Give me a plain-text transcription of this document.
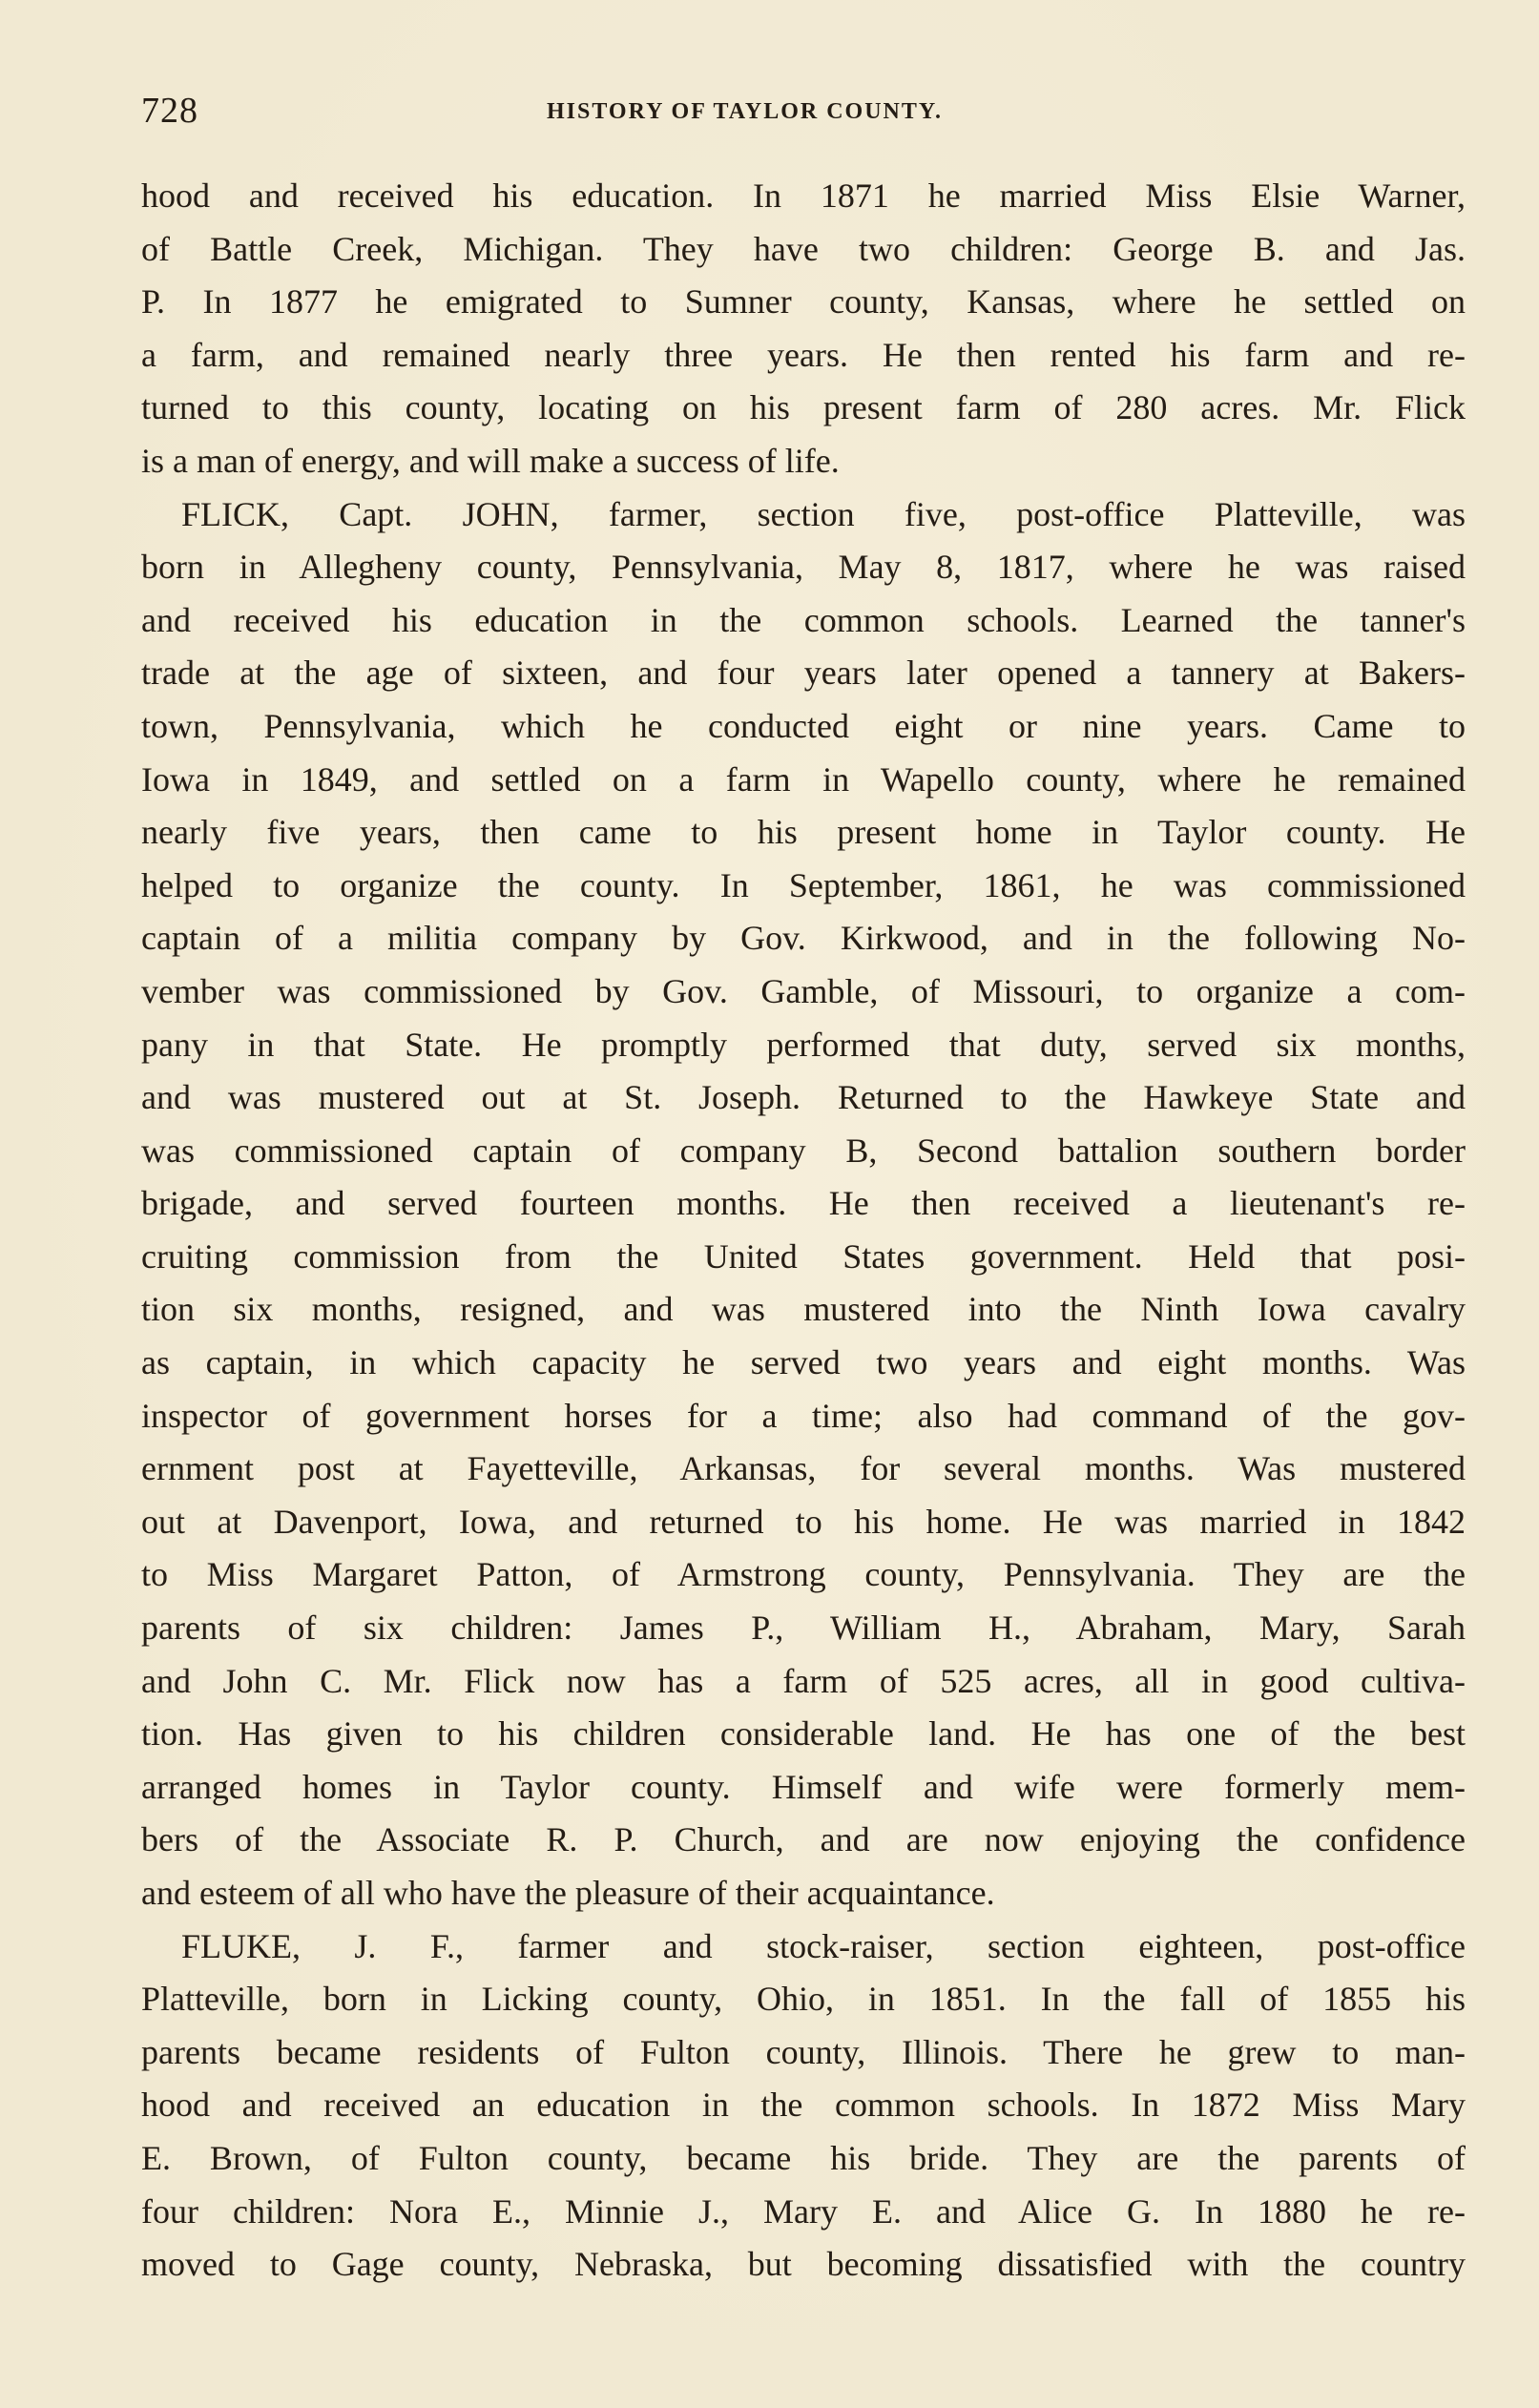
728	HISTORY OF TAYLOR COUNTY.
hood and received his education. In 1871 he married Miss Elsie Warner,
of Battle Creek, Michigan. They have two children: George B. and Jas.
P. In 1877 he emigrated to Sumner county, Kansas, where he settled on
a farm, and remained nearly three years. He then rented his farm and re-
turned to this county, locating on his present farm of 280 acres. Mr. Flick
is a man of energy, and will make a success of life.
FLICK, Capt. JOHN, farmer, section five, post-office Platteville, was
born in Allegheny county, Pennsylvania, May 8, 1817, where he was raised
and received his education in the common schools. Learned the tanner's
trade at the age of sixteen, and four years later opened a tannery at Bakers-
town, Pennsylvania, which he conducted eight or nine years. Came to
Iowa in 1849, and settled on a farm in Wapello county, where he remained
nearly five years, then came to his present home in Taylor county. He
helped to organize the county. In September, 1861, he was commissioned
captain of a militia company by Gov. Kirkwood, and in the following No-
vember was commissioned by Gov. Gamble, of Missouri, to organize a com-
pany in that State. He promptly performed that duty, served six months,
and was mustered out at St. Joseph. Returned to the Hawkeye State and
was commissioned captain of company B, Second battalion southern border
brigade, and served fourteen months. He then received a lieutenant's re-
cruiting commission from the United States government. Held that posi-
tion six months, resigned, and was mustered into the Ninth Iowa cavalry
as captain, in which capacity he served two years and eight months. Was
inspector of government horses for a time; also had command of the gov-
ernment post at Fayetteville, Arkansas, for several months. Was mustered
out at Davenport, Iowa, and returned to his home. He was married in 1842
to Miss Margaret Patton, of Armstrong county, Pennsylvania. They are the
parents of six children: James P., William H., Abraham, Mary, Sarah
and John C. Mr. Flick now has a farm of 525 acres, all in good cultiva-
tion. Has given to his children considerable land. He has one of the best
arranged homes in Taylor county. Himself and wife were formerly mem-
bers of the Associate R. P. Church, and are now enjoying the confidence
and esteem of all who have the pleasure of their acquaintance.
FLUKE, J. F., farmer and stock-raiser, section eighteen, post-office
Platteville, born in Licking county, Ohio, in 1851. In the fall of 1855 his
parents became residents of Fulton county, Illinois. There he grew to man-
hood and received an education in the common schools. In 1872 Miss Mary
E. Brown, of Fulton county, became his bride. They are the parents of
four children: Nora E., Minnie J., Mary E. and Alice G. In 1880 he re-
moved to Gage county, Nebraska, but becoming dissatisfied with the country
